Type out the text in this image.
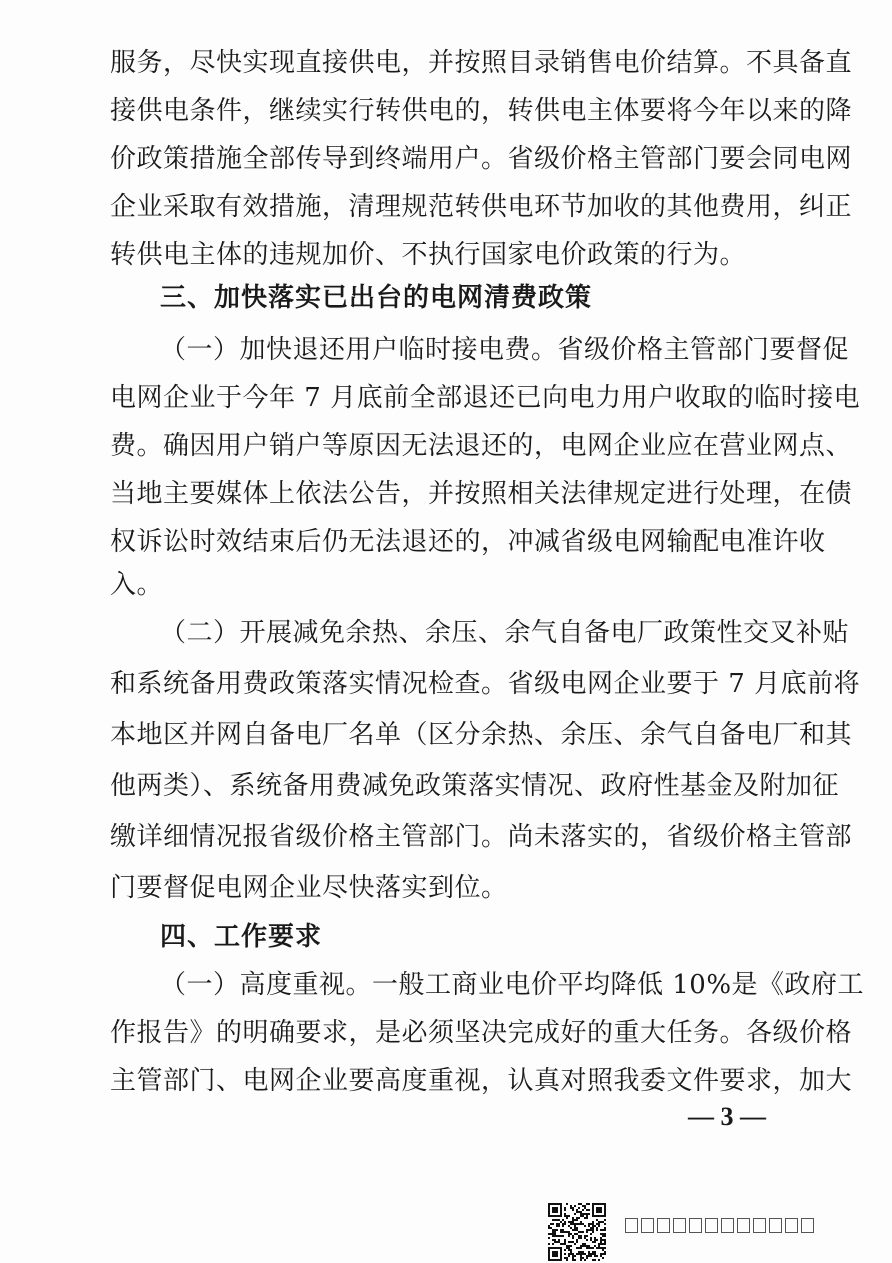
服务，尽快实现直接供电，并按照目录销售电价结算。不具备直
接供电条件，继续实行转供电的，转供电主体要将今年以来的降
价政策措施全部传导到终端用户。省级价格主管部门要会同电网
企业采取有效措施，清理规范转供电环节加收的其他费用，纠正
转供电主体的违规加价、不执行国家电价政策的行为。
三、加快落实已出台的电网清费政策
（一）加快退还用户临时接电费。省级价格主管部门要督促
电网企业于今年 7 月底前全部退还已向电力用户收取的临时接电
费。确因用户销户等原因无法退还的，电网企业应在营业网点、
当地主要媒体上依法公告，并按照相关法律规定进行处理，在债
权诉讼时效结束后仍无法退还的，冲减省级电网输配电准许收
入。
（二）开展减免余热、余压、余气自备电厂政策性交叉补贴
和系统备用费政策落实情况检查。省级电网企业要于 7 月底前将
本地区并网自备电厂名单（区分余热、余压、余气自备电厂和其
他两类）、系统备用费减免政策落实情况、政府性基金及附加征
缴详细情况报省级价格主管部门。尚未落实的，省级价格主管部
门要督促电网企业尽快落实到位。
四、工作要求
（一）高度重视。一般工商业电价平均降低 10%是《政府工
作报告》的明确要求，是必须坚决完成好的重大任务。各级价格
主管部门、电网企业要高度重视，认真对照我委文件要求，加大
— 3 —
